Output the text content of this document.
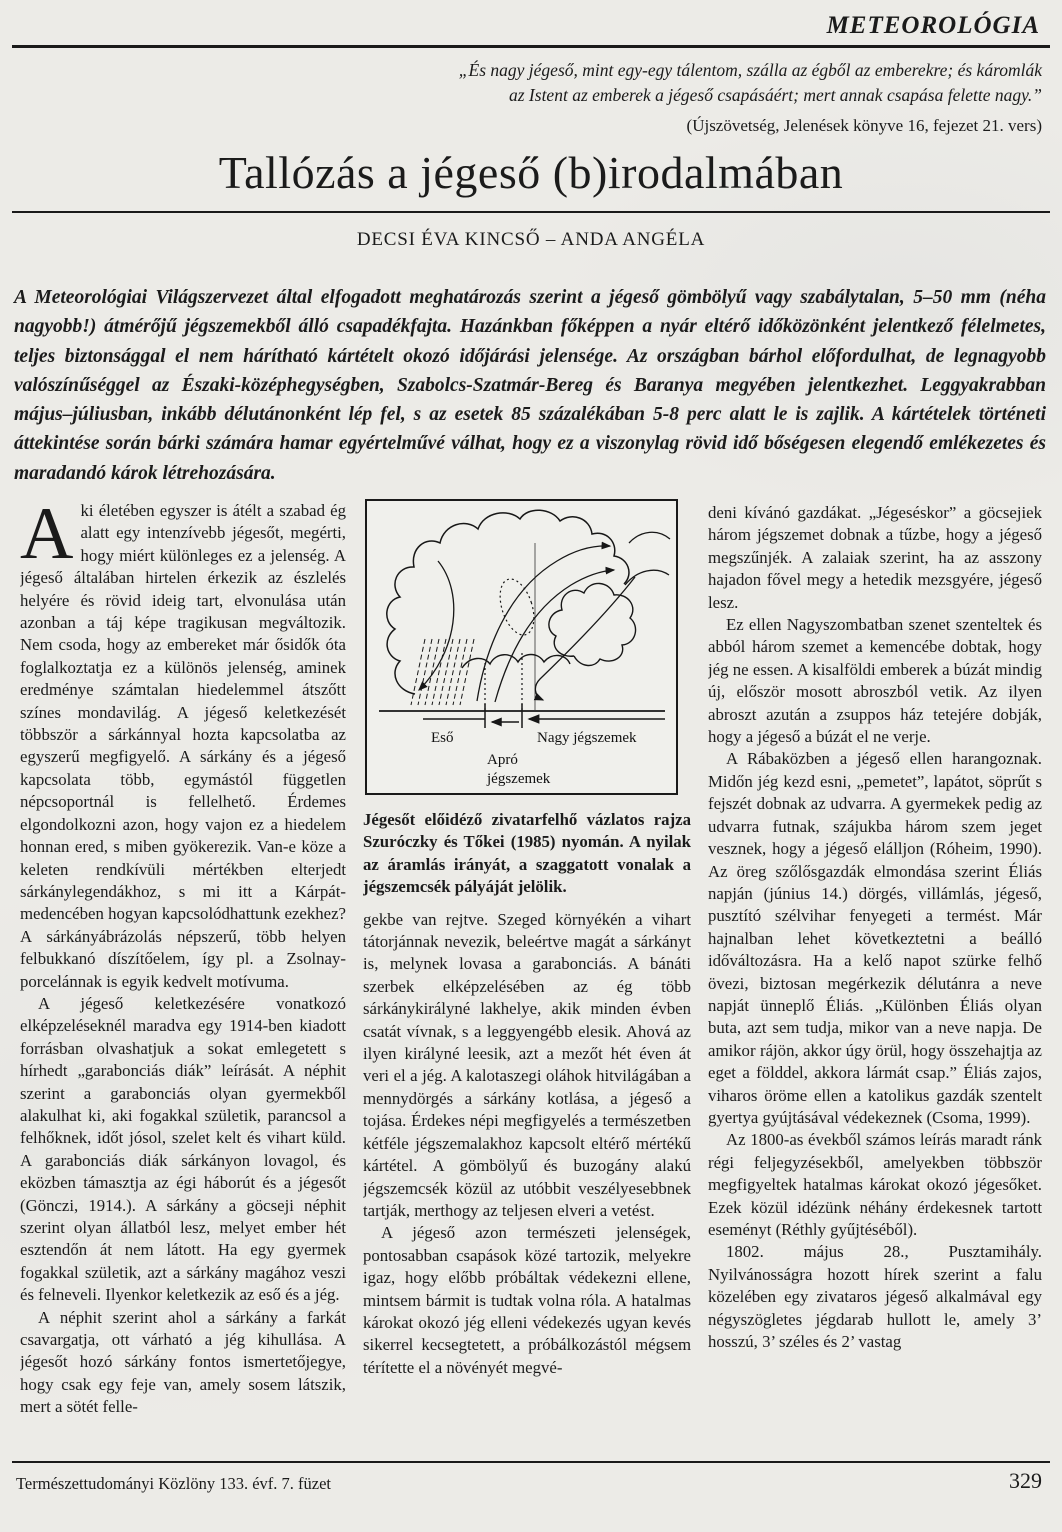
METEOROLÓGIA
„És nagy jégeső, mint egy-egy tálentom, szálla az égből az emberekre; és káromlák
az Istent az emberek a jégeső csapásáért; mert annak csapása felette nagy.”
(Újszövetség, Jelenések könyve 16, fejezet 21. vers)
Tallózás a jégeső (b)irodalmában
DECSI ÉVA KINCSŐ – ANDA ANGÉLA
A Meteorológiai Világszervezet által elfogadott meghatározás szerint a jégeső gömbölyű vagy szabálytalan, 5–50 mm (néha nagyobb!) átmérőjű jégszemekből álló csapadékfajta. Hazánkban főképpen a nyár eltérő időközönként jelentkező félelmetes, teljes biztonsággal el nem hárítható kártételt okozó időjárási jelensége. Az országban bárhol előfordulhat, de legnagyobb valószínűséggel az Északi-középhegységben, Szabolcs-Szatmár-Bereg és Baranya megyében jelentkezhet. Leggyakrabban május–júliusban, inkább délutánonként lép fel, s az esetek 85 százalékában 5-8 perc alatt le is zajlik. A kártételek történeti áttekintése során bárki számára hamar egyértelművé válhat, hogy ez a viszonylag rövid idő bőségesen elegendő emlékezetes és maradandó károk létrehozására.

Aki életében egyszer is átélt a szabad ég alatt egy intenzívebb jégesőt, megérti, hogy miért különleges ez a jelenség. A jégeső általában hirtelen érkezik az észlelés helyére és rövid ideig tart, elvonulása után azonban a táj képe tragikusan megváltozik. Nem csoda, hogy az embereket már ősidők óta foglalkoztatja ez a különös jelenség, aminek eredménye számtalan hiedelemmel átszőtt színes mondavilág. A jégeső keletkezését többször a sárkánnyal hozta kapcsolatba az egyszerű megfigyelő. A sárkány és a jégeső kapcsolata több, egymástól független népcsoportnál is fellelhető. Érdemes elgondolkozni azon, hogy vajon ez a hiedelem honnan ered, s miben gyökerezik. Van-e köze a keleten rendkívüli mértékben elterjedt sárkánylegendákhoz, s mi itt a Kárpát-medencében hogyan kapcsolódhattunk ezekhez? A sárkányábrázolás népszerű, több helyen felbukkanó díszítőelem, így pl. a Zsolnay-porcelánnak is egyik kedvelt motívuma.

A jégeső keletkezésére vonatkozó elképzeléseknél maradva egy 1914-ben kiadott forrásban olvashatjuk a sokat emlegetett s hírhedt „garabonciás diák” leírását. A néphit szerint a garabonciás olyan gyermekből alakulhat ki, aki fogakkal születik, parancsol a felhőknek, időt jósol, szelet kelt és vihart küld. A garabonciás diák sárkányon lovagol, és eközben támasztja az égi háborút és a jégesőt (Gönczi, 1914.). A sárkány a göcseji néphit szerint olyan állatból lesz, melyet ember hét esztendőn át nem látott. Ha egy gyermek fogakkal születik, azt a sárkány magához veszi és felneveli. Ilyenkor keletkezik az eső és a jég.

A néphit szerint ahol a sárkány a farkát csavargatja, ott várható a jég kihullása. A jégesőt hozó sárkány fontos ismertetőjegye, hogy csak egy feje van, amely sosem látszik, mert a sötét felle-

Eső	Nagy jégszemek
Apró
jégszemek
Jégesőt előidéző zivatarfelhő vázlatos rajza Szuróczky és Tőkei (1985) nyomán. A nyilak az áramlás irányát, a szaggatott vonalak a jégszemcsék pályáját jelölik.

gekbe van rejtve. Szeged környékén a vihart tátorjánnak nevezik, beleértve magát a sárkányt is, melynek lovasa a garabonciás. A bánáti szerbek elképzelésében az ég több sárkánykirályné lakhelye, akik minden évben csatát vívnak, s a leggyengébb elesik. Ahová az ilyen királyné leesik, azt a mezőt hét éven át veri el a jég. A kalotaszegi oláhok hitvilágában a mennydörgés a sárkány kotlása, a jégeső a tojása. Érdekes népi megfigyelés a természetben kétféle jégszemalakhoz kapcsolt eltérő mértékű kártétel. A gömbölyű és buzogány alakú jégszemcsék közül az utóbbit veszélyesebbnek tartják, merthogy az teljesen elveri a vetést.

A jégeső azon természeti jelenségek, pontosabban csapások közé tartozik, melyekre igaz, hogy előbb próbáltak védekezni ellene, mintsem bármit is tudtak volna róla. A hatalmas károkat okozó jég elleni védekezés ugyan kevés sikerrel kecsegtetett, a próbálkozástól mégsem térítette el a növényét megvé-

deni kívánó gazdákat. „Jégeséskor” a göcsejiek három jégszemet dobnak a tűzbe, hogy a jégeső megszűnjék. A zalaiak szerint, ha az asszony hajadon fővel megy a hetedik mezsgyére, jégeső lesz.

Ez ellen Nagyszombatban szenet szenteltek és abból három szemet a kemencébe dobtak, hogy jég ne essen. A kisalföldi emberek a búzát mindig új, először mosott abroszból vetik. Az ilyen abroszt azután a zsuppos ház tetejére dobják, hogy a jégeső a búzát el ne verje.

A Rábaközben a jégeső ellen harangoznak. Midőn jég kezd esni, „pemetet”, lapátot, söprűt s fejszét dobnak az udvarra. A gyermekek pedig az udvarra futnak, szájukba három szem jeget vesznek, hogy a jégeső elálljon (Róheim, 1990). Az öreg szőlősgazdák elmondása szerint Éliás napján (június 14.) dörgés, villámlás, jégeső, pusztító szélvihar fenyegeti a termést. Már hajnalban lehet következtetni a beálló időváltozásra. Ha a kelő napot szürke felhő övezi, biztosan megérkezik délutánra a neve napját ünneplő Éliás. „Különben Éliás olyan buta, azt sem tudja, mikor van a neve napja. De amikor rájön, akkor úgy örül, hogy összehajtja az eget a földdel, akkora lármát csap.” Éliás zajos, viharos öröme ellen a katolikus gazdák szentelt gyertya gyújtásával védekeznek (Csoma, 1999).

Az 1800-as évekből számos leírás maradt ránk régi feljegyzésekből, amelyekben többször megfigyeltek hatalmas károkat okozó jégesőket. Ezek közül idézünk néhány érdekesnek tartott eseményt (Réthly gyűjtéséből).

1802. május 28., Pusztamihály. Nyilvánosságra hozott hírek szerint a falu közelében egy zivataros jégeső alkalmával egy négyszögletes jégdarab hullott le, amely 3’ hosszú, 3’ széles és 2’ vastag

Természettudományi Közlöny 133. évf. 7. füzet	329
